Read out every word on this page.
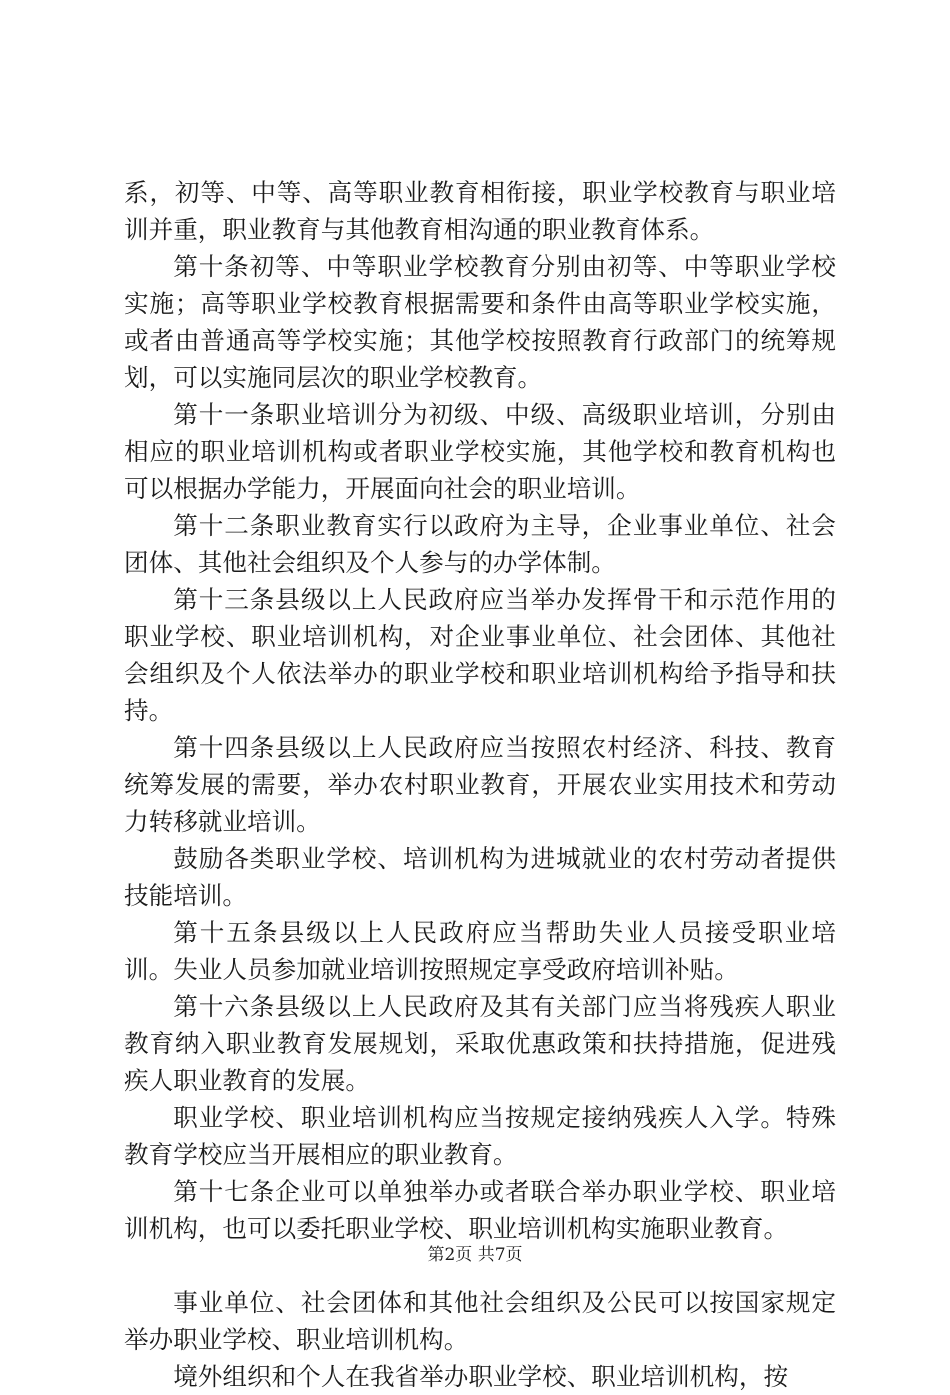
系，初等、中等、高等职业教育相衔接，职业学校教育与职业培训并重，职业教育与其他教育相沟通的职业教育体系。

第十条初等、中等职业学校教育分别由初等、中等职业学校实施；高等职业学校教育根据需要和条件由高等职业学校实施，或者由普通高等学校实施；其他学校按照教育行政部门的统筹规划，可以实施同层次的职业学校教育。

第十一条职业培训分为初级、中级、高级职业培训，分别由相应的职业培训机构或者职业学校实施，其他学校和教育机构也可以根据办学能力，开展面向社会的职业培训。

第十二条职业教育实行以政府为主导，企业事业单位、社会团体、其他社会组织及个人参与的办学体制。

第十三条县级以上人民政府应当举办发挥骨干和示范作用的职业学校、职业培训机构，对企业事业单位、社会团体、其他社会组织及个人依法举办的职业学校和职业培训机构给予指导和扶持。

第十四条县级以上人民政府应当按照农村经济、科技、教育统筹发展的需要，举办农村职业教育，开展农业实用技术和劳动力转移就业培训。

鼓励各类职业学校、培训机构为进城就业的农村劳动者提供技能培训。

第十五条县级以上人民政府应当帮助失业人员接受职业培训。失业人员参加就业培训按照规定享受政府培训补贴。

第十六条县级以上人民政府及其有关部门应当将残疾人职业教育纳入职业教育发展规划，采取优惠政策和扶持措施，促进残疾人职业教育的发展。

职业学校、职业培训机构应当按规定接纳残疾人入学。特殊教育学校应当开展相应的职业教育。

第十七条企业可以单独举办或者联合举办职业学校、职业培训机构，也可以委托职业学校、职业培训机构实施职业教育。

事业单位、社会团体和其他社会组织及公民可以按国家规定举办职业学校、职业培训机构。

境外组织和个人在我省举办职业学校、职业培训机构，按

第2页 共7页
